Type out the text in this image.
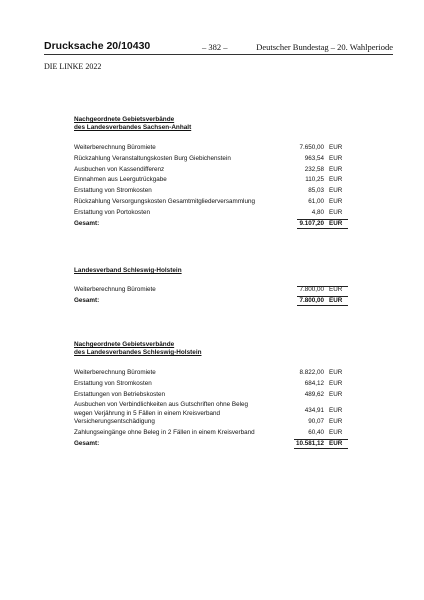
Drucksache 20/10430	– 382 –	Deutscher Bundestag – 20. Wahlperiode
DIE LINKE 2022
Nachgeordnete Gebietsverbände
des Landesverbandes Sachsen-Anhalt
Weiterberechnung Büromiete	7.650,00 EUR
Rückzahlung Veranstaltungskosten Burg Giebichenstein	963,54 EUR
Ausbuchen von Kassendifferenz	232,58 EUR
Einnahmen aus Leergutrückgabe	110,25 EUR
Erstattung von Stromkosten	85,03 EUR
Rückzahlung Versorgungskosten Gesamtmitgliederversammlung	61,00 EUR
Erstattung von Portokosten	4,80 EUR
Gesamt:	9.107,20 EUR
Landesverband Schleswig-Holstein
Weiterberechnung Büromiete	7.800,00 EUR
Gesamt:	7.800,00 EUR
Nachgeordnete Gebietsverbände
des Landesverbandes Schleswig-Holstein
Weiterberechnung Büromiete	8.822,00 EUR
Erstattung von Stromkosten	684,12 EUR
Erstattungen von Betriebskosten	489,62 EUR
Ausbuchen von Verbindlichkeiten aus Gutschriften ohne Beleg
wegen Verjährung in 5 Fällen in einem Kreisverband	434,91 EUR
Versicherungsentschädigung	90,07 EUR
Zahlungseingänge ohne Beleg in 2 Fällen in einem Kreisverband	60,40 EUR
Gesamt:	10.581,12 EUR
